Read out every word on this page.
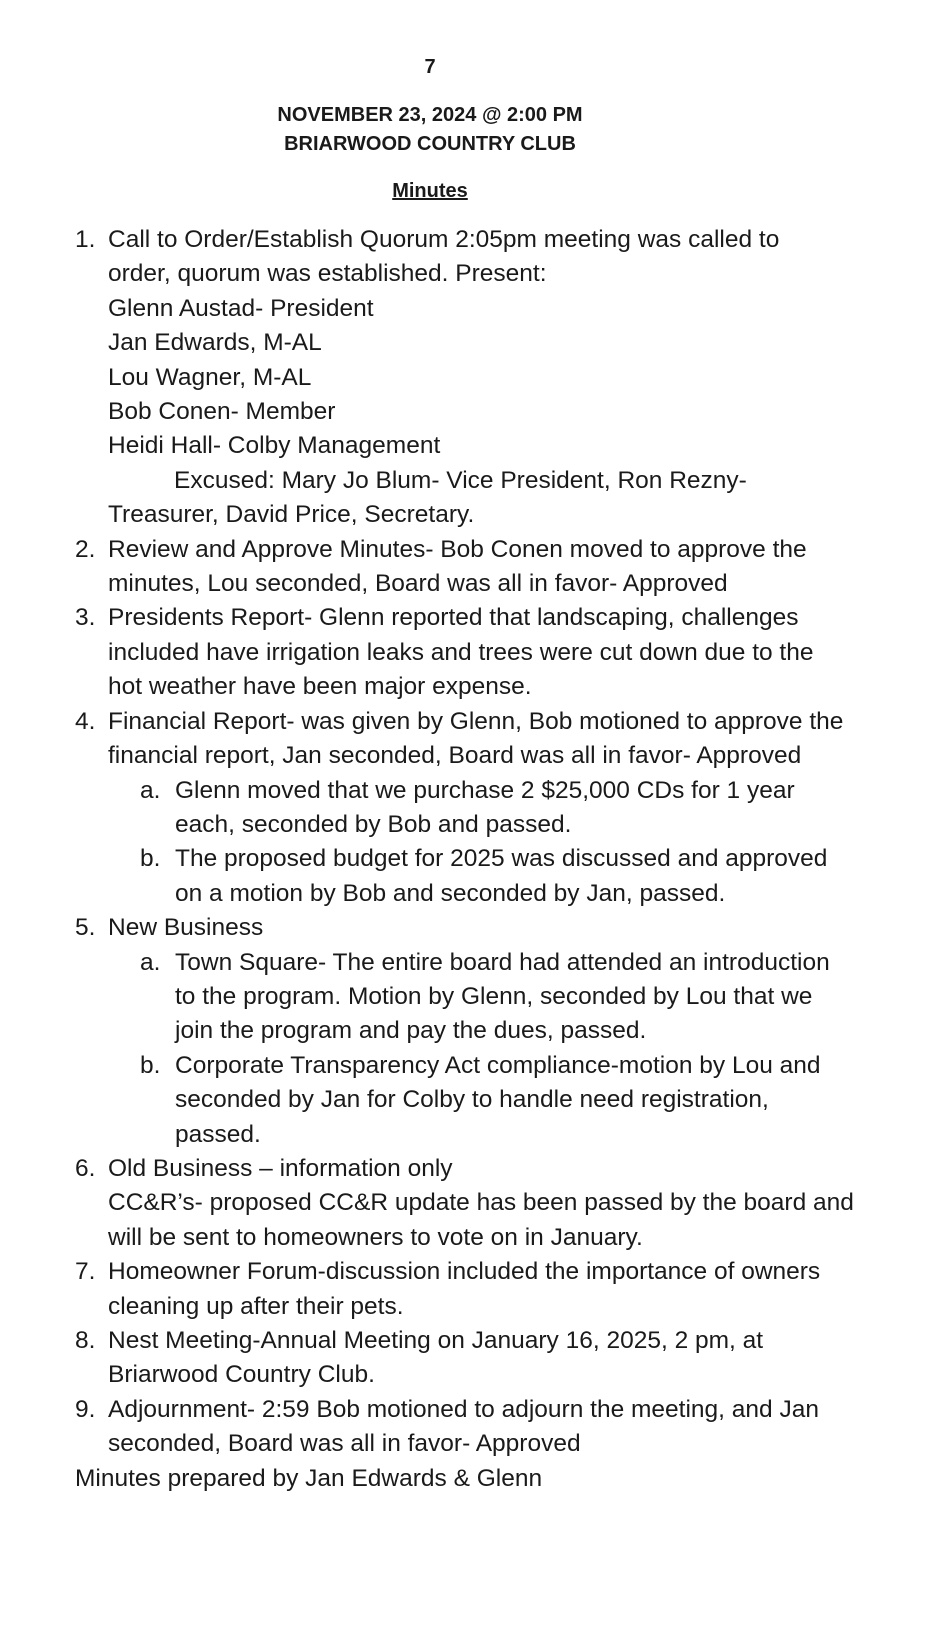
7
NOVEMBER 23, 2024 @ 2:00 PM
BRIARWOOD COUNTRY CLUB
Minutes
1. Call to Order/Establish Quorum 2:05pm meeting was called to
order, quorum was established. Present:
Glenn Austad- President
Jan Edwards, M-AL
Lou Wagner, M-AL
Bob Conen- Member
Heidi Hall- Colby Management
Excused: Mary Jo Blum- Vice President, Ron Rezny-
Treasurer, David Price, Secretary.
2. Review and Approve Minutes- Bob Conen moved to approve the
minutes, Lou seconded, Board was all in favor- Approved
3. Presidents Report- Glenn reported that landscaping, challenges
included have irrigation leaks and trees were cut down due to the
hot weather have been major expense.
4. Financial Report- was given by Glenn, Bob motioned to approve the
financial report, Jan seconded, Board was all in favor- Approved
a. Glenn moved that we purchase 2 $25,000 CDs for 1 year
each, seconded by Bob and passed.
b. The proposed budget for 2025 was discussed and approved
on a motion by Bob and seconded by Jan, passed.
5. New Business
a. Town Square- The entire board had attended an introduction
to the program. Motion by Glenn, seconded by Lou that we
join the program and pay the dues, passed.
b. Corporate Transparency Act compliance-motion by Lou and
seconded by Jan for Colby to handle need registration,
passed.
6. Old Business – information only
CC&R’s- proposed CC&R update has been passed by the board and
will be sent to homeowners to vote on in January.
7. Homeowner Forum-discussion included the importance of owners
cleaning up after their pets.
8. Nest Meeting-Annual Meeting on January 16, 2025, 2 pm, at
Briarwood Country Club.
9. Adjournment- 2:59 Bob motioned to adjourn the meeting, and Jan
seconded, Board was all in favor- Approved
Minutes prepared by Jan Edwards & Glenn
